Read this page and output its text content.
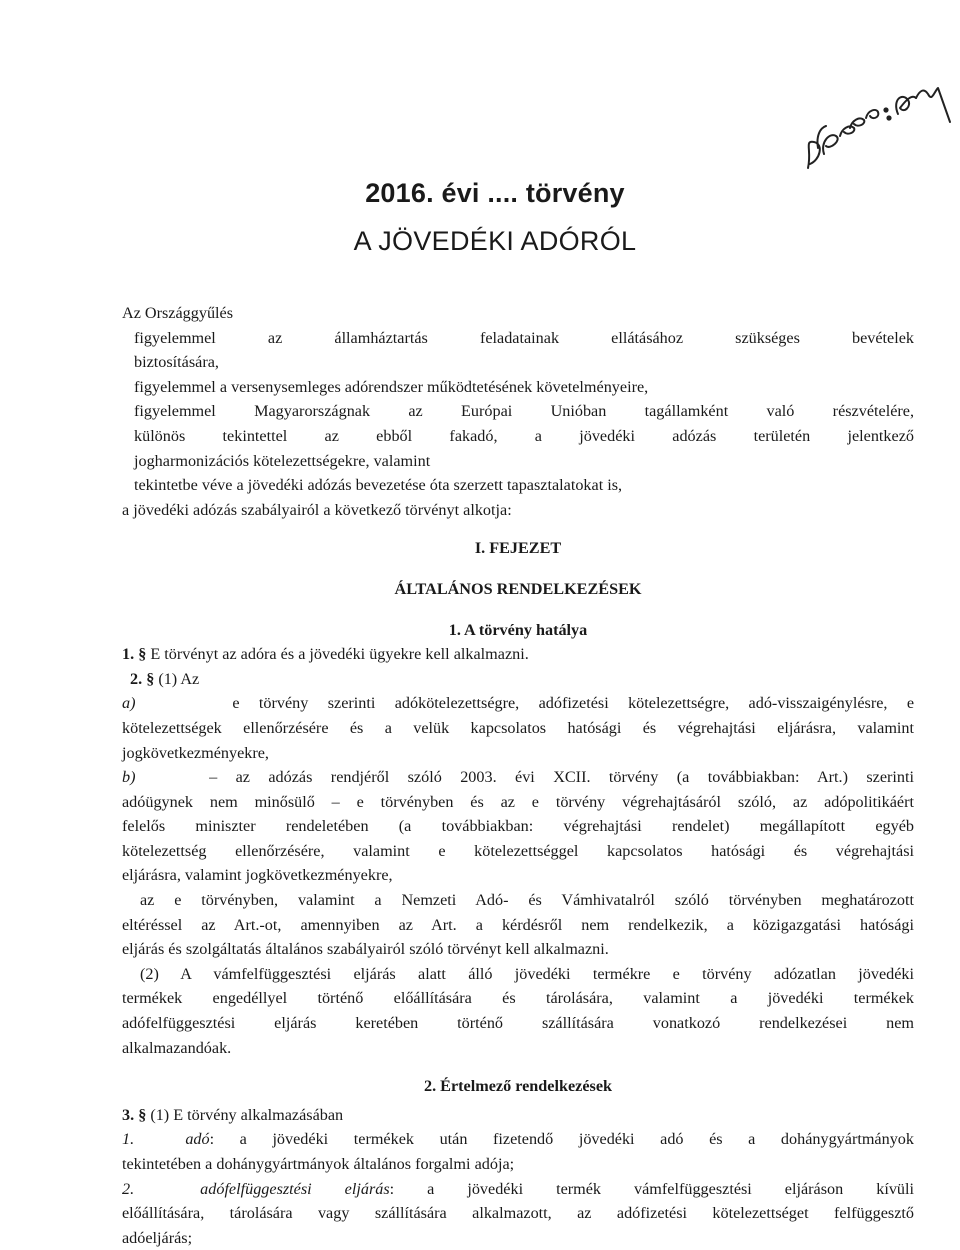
2016. évi .... törvény
A JÖVEDÉKI ADÓRÓL
Az Országgyűlés
figyelemmel az államháztartás feladatainak ellátásához szükséges bevételek
biztosítására,
figyelemmel a versenysemleges adórendszer működtetésének követelményeire,
figyelemmel Magyarországnak az Európai Unióban tagállamként való részvételére,
különös tekintettel az ebből fakadó, a jövedéki adózás területén jelentkező
jogharmonizációs kötelezettségekre, valamint
tekintetbe véve a jövedéki adózás bevezetése óta szerzett tapasztalatokat is,
a jövedéki adózás szabályairól a következő törvényt alkotja:
I. FEJEZET
ÁLTALÁNOS RENDELKEZÉSEK
1. A törvény hatálya
1. § E törvényt az adóra és a jövedéki ügyekre kell alkalmazni.
2. § (1) Az
a)	e törvény szerinti adókötelezettségre, adófizetési kötelezettségre, adó-visszaigénylésre, e
kötelezettségek ellenőrzésére és a velük kapcsolatos hatósági és végrehajtási eljárásra, valamint
jogkövetkezményekre,
b)	– az adózás rendjéről szóló 2003. évi XCII. törvény (a továbbiakban: Art.) szerinti
adóügynek nem minősülő – e törvényben és az e törvény végrehajtásáról szóló, az adópolitikáért
felelős miniszter rendeletében (a továbbiakban: végrehajtási rendelet) megállapított egyéb
kötelezettség ellenőrzésére, valamint e kötelezettséggel kapcsolatos hatósági és végrehajtási
eljárásra, valamint jogkövetkezményekre,
az e törvényben, valamint a Nemzeti Adó- és Vámhivatalról szóló törvényben meghatározott
eltéréssel az Art.-ot, amennyiben az Art. a kérdésről nem rendelkezik, a közigazgatási hatósági
eljárás és szolgáltatás általános szabályairól szóló törvényt kell alkalmazni.
(2) A vámfelfüggesztési eljárás alatt álló jövedéki termékre e törvény adózatlan jövedéki
termékek engedéllyel történő előállítására és tárolására, valamint a jövedéki termékek
adófelfüggesztési eljárás keretében történő szállítására vonatkozó rendelkezései nem
alkalmazandóak.
2. Értelmező rendelkezések
3. § (1) E törvény alkalmazásában
1.	adó: a jövedéki termékek után fizetendő jövedéki adó és a dohánygyártmányok
tekintetében a dohánygyártmányok általános forgalmi adója;
2.	adófelfüggesztési eljárás: a jövedéki termék vámfelfüggesztési eljáráson kívüli
előállítására, tárolására vagy szállítására alkalmazott, az adófizetési kötelezettséget felfüggesztő
adóeljárás;
